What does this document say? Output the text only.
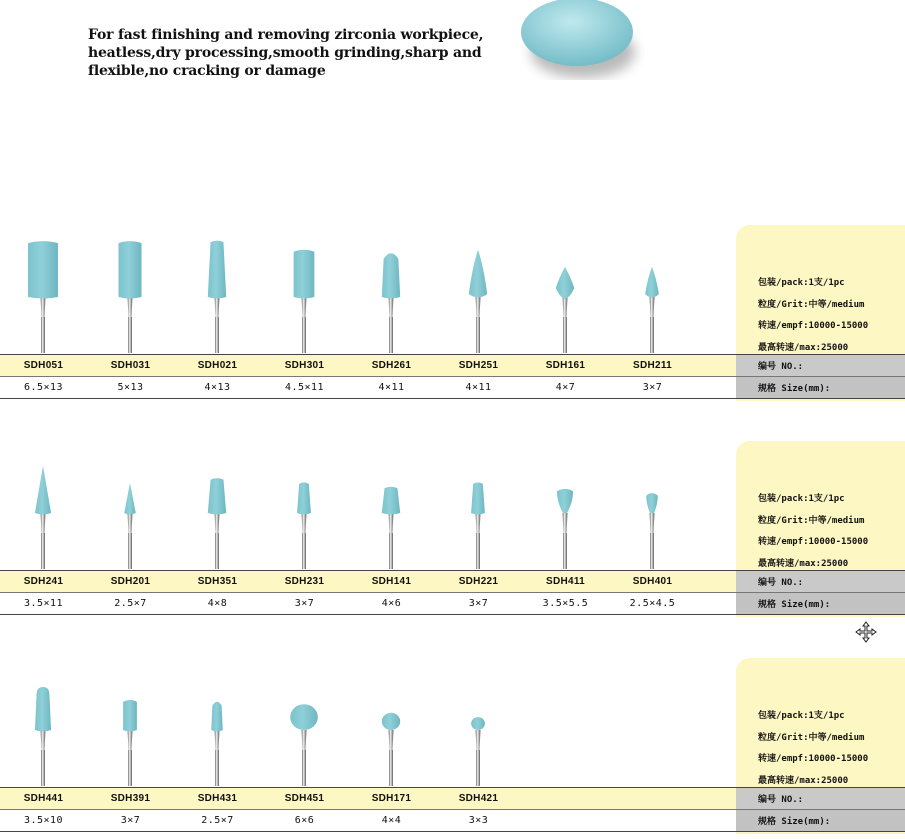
For fast finishing and removing zirconia workpiece,
heatless,dry processing,smooth grinding,sharp and
flexible,no cracking or damage
包装/pack:1支/1pc
粒度/Grit:中等/medium
转速/empf:10000-15000
最高转速/max:25000
SDH051	SDH031	SDH021	SDH301	SDH261	SDH251	SDH161	SDH211	编号 NO.:
6.5×13	5×13	4×13	4.5×11	4×11	4×11	4×7	3×7	规格 Size(mm):
包装/pack:1支/1pc
粒度/Grit:中等/medium
转速/empf:10000-15000
最高转速/max:25000
SDH241	SDH201	SDH351	SDH231	SDH141	SDH221	SDH411	SDH401	编号 NO.:
3.5×11	2.5×7	4×8	3×7	4×6	3×7	3.5×5.5	2.5×4.5	规格 Size(mm):
包装/pack:1支/1pc
粒度/Grit:中等/medium
转速/empf:10000-15000
最高转速/max:25000
SDH441	SDH391	SDH431	SDH451	SDH171	SDH421	编号 NO.:
3.5×10	3×7	2.5×7	6×6	4×4	3×3	规格 Size(mm):
